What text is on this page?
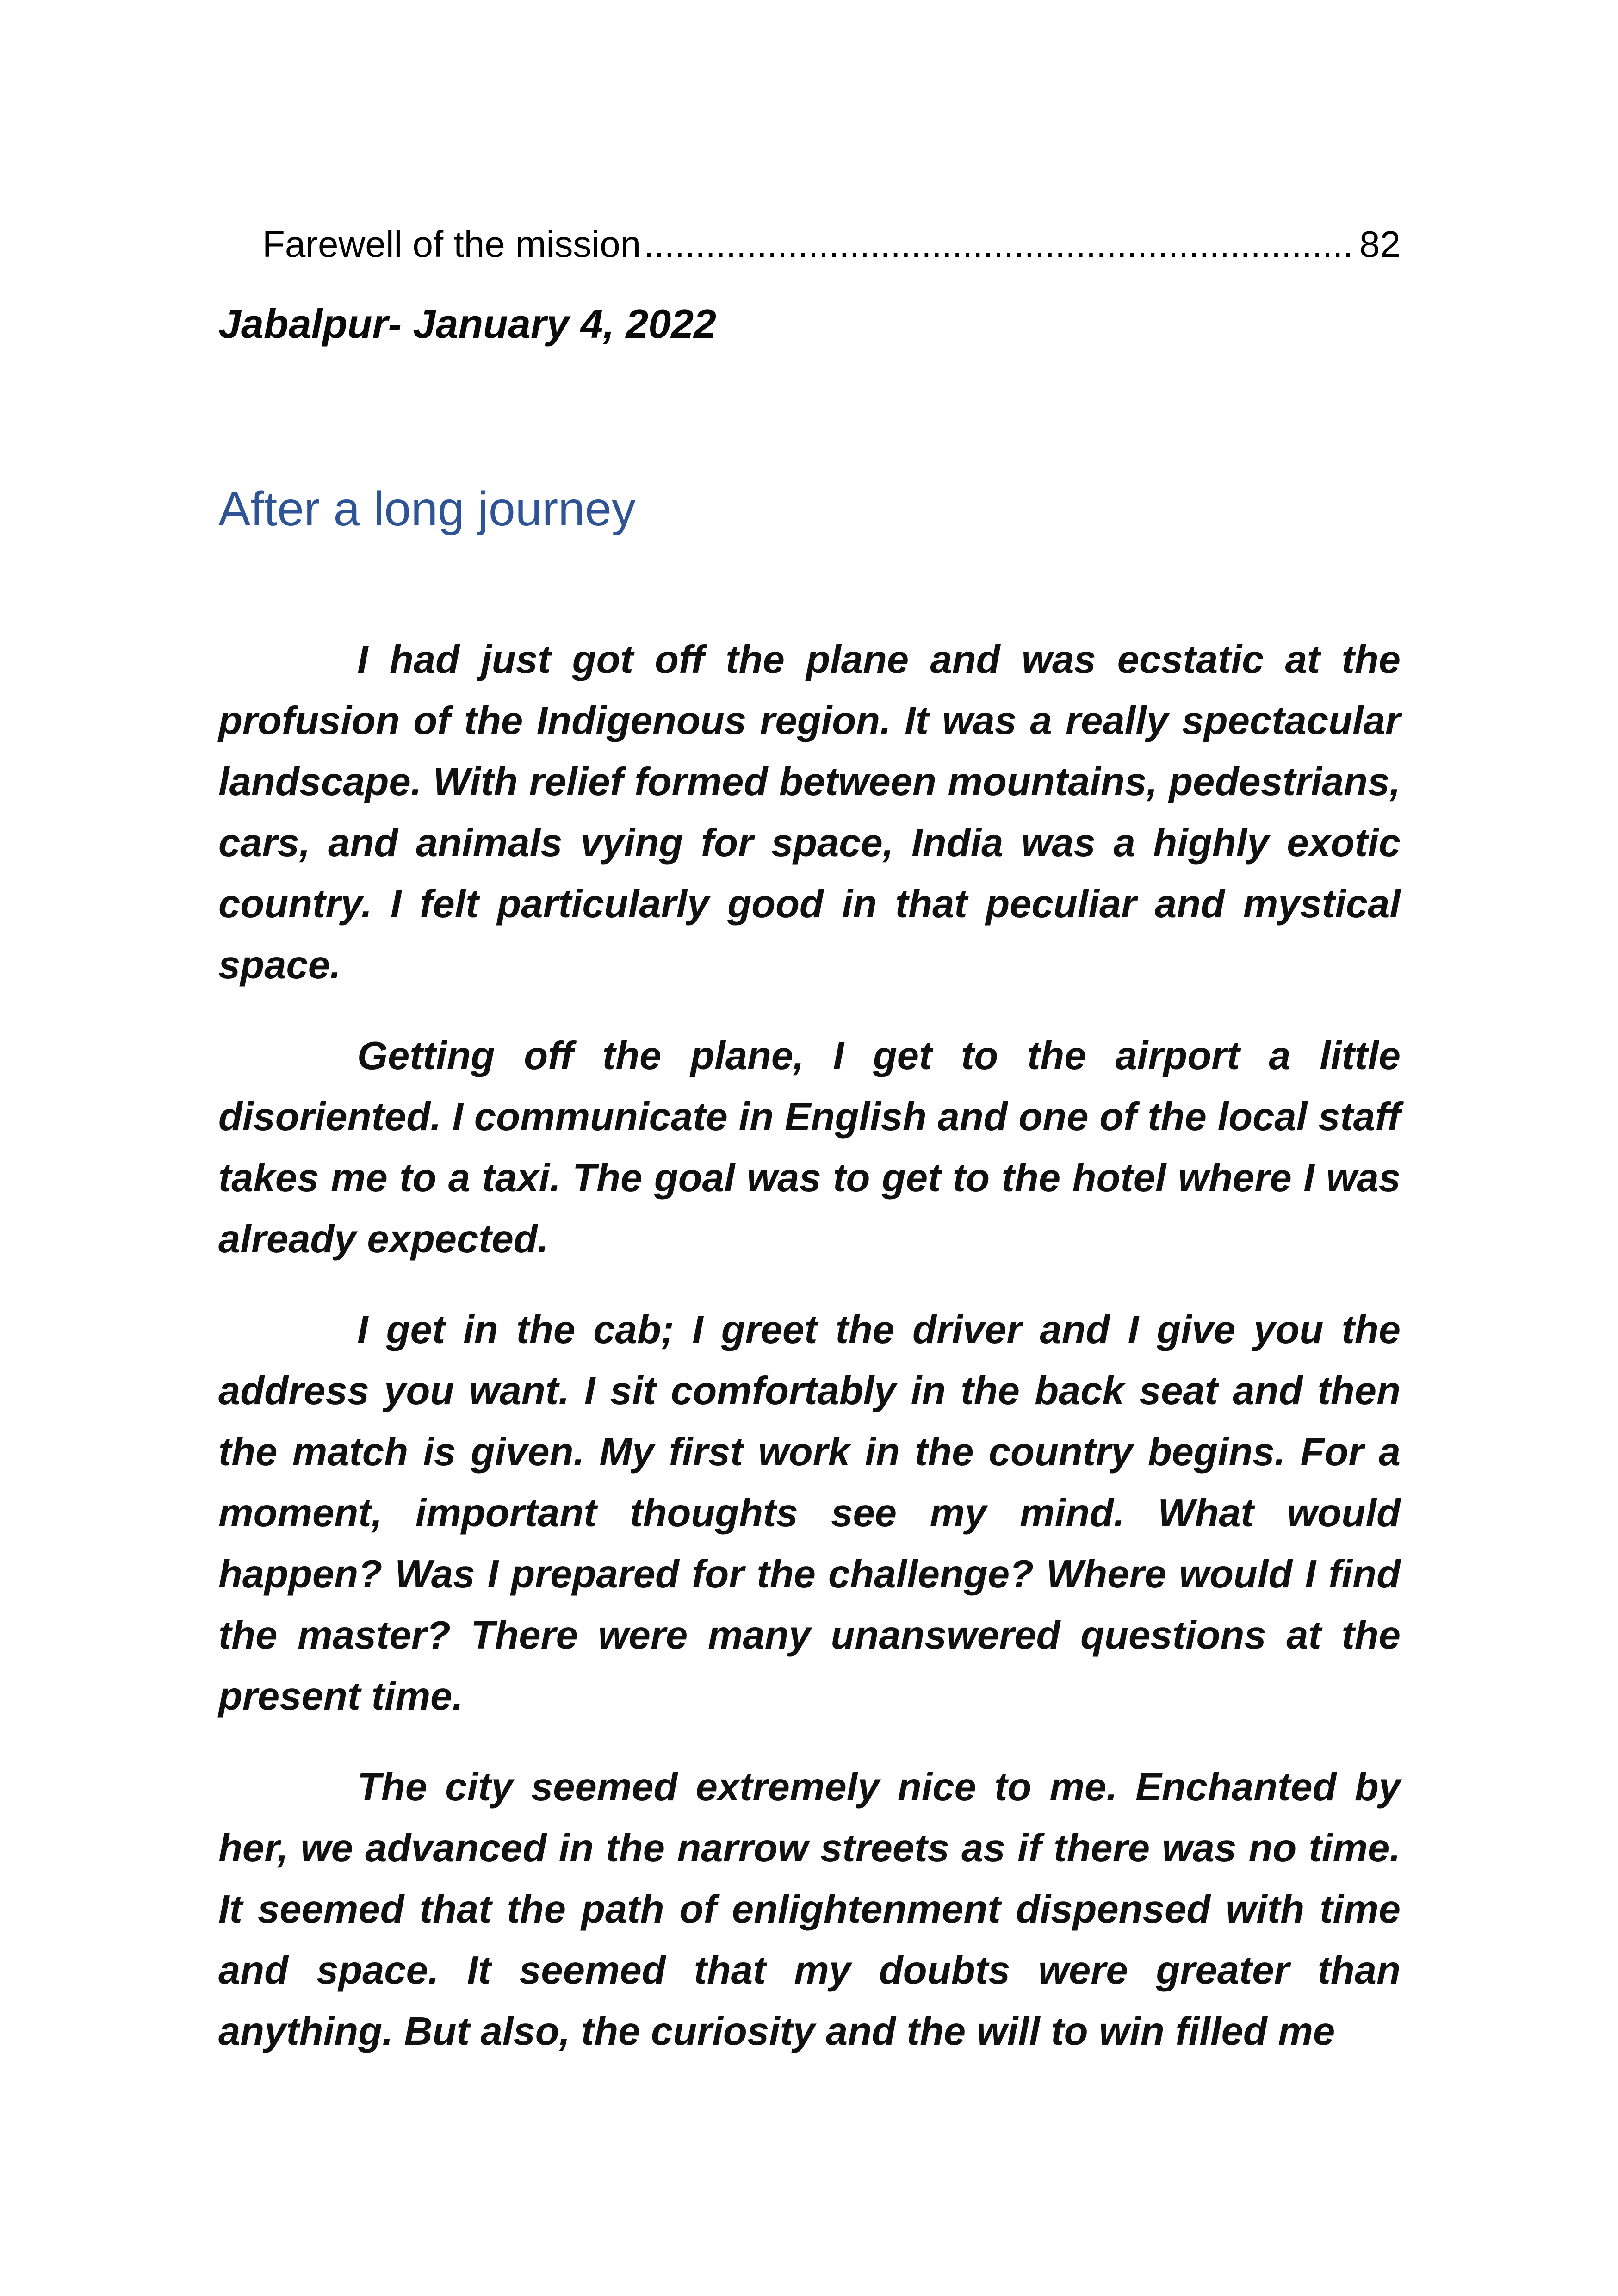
Farewell of the mission
.....	82
Jabalpur- January 4, 2022
After a long journey

I had just got off the plane and was ecstatic at the profusion of the Indigenous region. It was a really spectacular landscape. With relief formed between mountains, pedestrians, cars, and animals vying for space, India was a highly exotic country. I felt particularly good in that peculiar and mystical space.

Getting off the plane, I get to the airport a little disoriented. I communicate in English and one of the local staff takes me to a taxi. The goal was to get to the hotel where I was already expected.

I get in the cab; I greet the driver and I give you the address you want. I sit comfortably in the back seat and then the match is given. My first work in the country begins. For a moment, important thoughts see my mind. What would happen? Was I prepared for the challenge? Where would I find the master? There were many unanswered questions at the present time.

The city seemed extremely nice to me. Enchanted by her, we advanced in the narrow streets as if there was no time. It seemed that the path of enlightenment dispensed with time and space. It seemed that my doubts were greater than anything. But also, the curiosity and the will to win filled me
